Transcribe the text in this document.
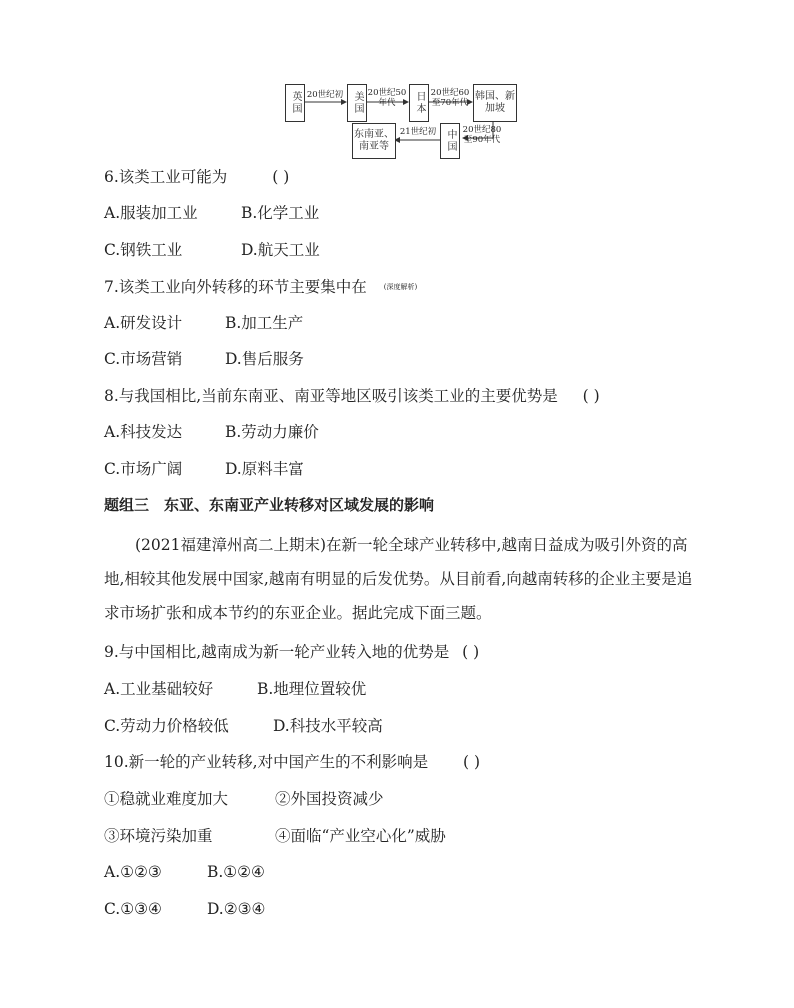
英国	美国	日本	韩国、新加坡
中国
东南亚、南亚等
20世纪初	20世纪50年代
20世纪60至70年代
20世纪80至90年代
21世纪初
6.该类工业可能为	( )
A.服装加工业	B.化学工业
C.钢铁工业	D.航天工业
7.该类工业向外转移的环节主要集中在 (深度解析)
A.研发设计	B.加工生产
C.市场营销	D.售后服务
8.与我国相比,当前东南亚、南亚等地区吸引该类工业的主要优势是 ( )
A.科技发达	B.劳动力廉价
C.市场广阔	D.原料丰富
题组三　东亚、东南亚产业转移对区域发展的影响
(2021福建漳州高二上期末)在新一轮全球产业转移中,越南日益成为吸引外资的高地,相较其他发展中国家,越南有明显的后发优势。从目前看,向越南转移的企业主要是追求市场扩张和成本节约的东亚企业。据此完成下面三题。
9.与中国相比,越南成为新一轮产业转入地的优势是 ( )
A.工业基础较好	B.地理位置较优
C.劳动力价格较低	D.科技水平较高
10.新一轮的产业转移,对中国产生的不利影响是 ( )
①稳就业难度加大	②外国投资减少
③环境污染加重	④面临“产业空心化”威胁
A.①②③	B.①②④
C.①③④	D.②③④
